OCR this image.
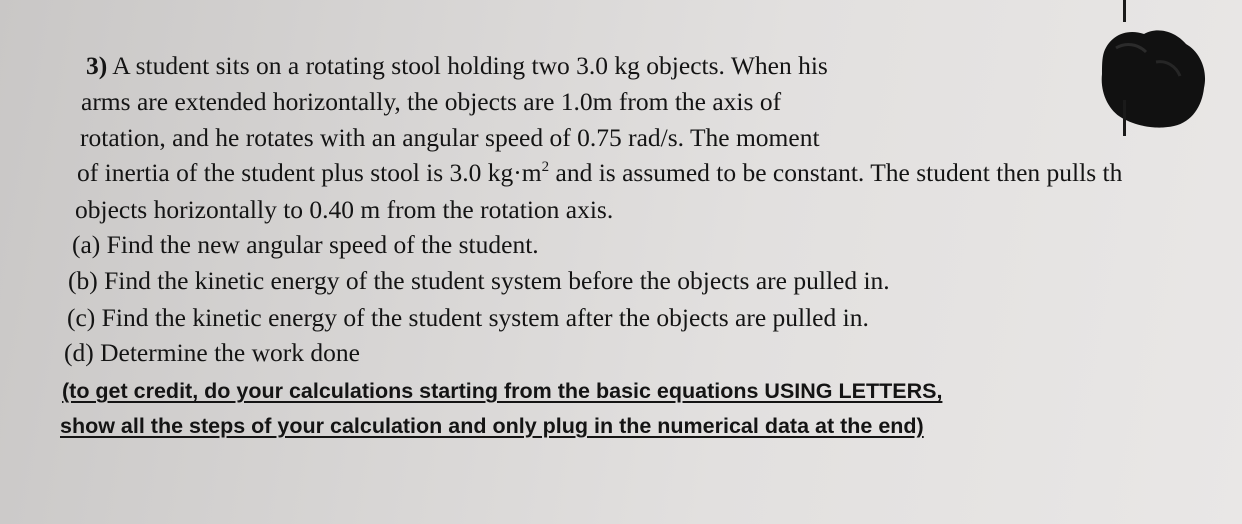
3) A student sits on a rotating stool holding two 3.0 kg objects. When his
arms are extended horizontally, the objects are 1.0m from the axis of
rotation, and he rotates with an angular speed of 0.75 rad/s. The moment
of inertia of the student plus stool is 3.0 $kg\cdot m^2$ and is assumed to be constant. The student then pulls th
objects horizontally to 0.40 m from the rotation axis.
(a) Find the new angular speed of the student.
(b) Find the kinetic energy of the student system before the objects are pulled in.
(c) Find the kinetic energy of the student system after the objects are pulled in.
(d) Determine the work done
(to get credit, do your calculations starting from the basic equations USING LETTERS,
show all the steps of your calculation and only plug in the numerical data at the end)
